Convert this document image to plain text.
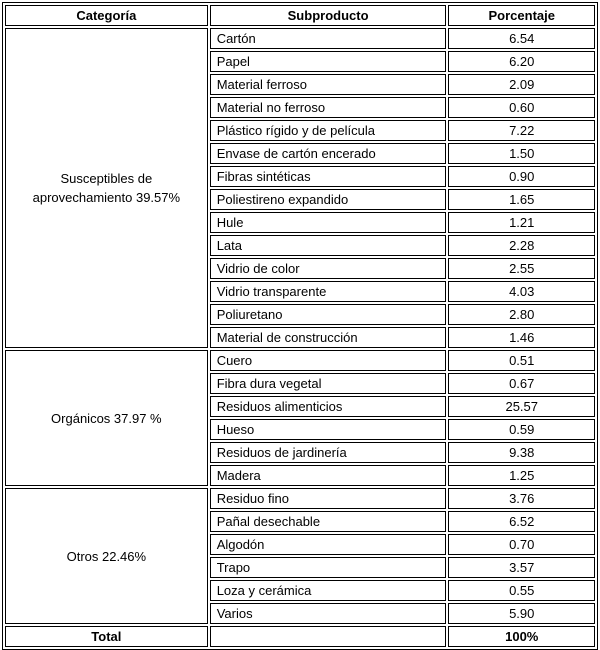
Categoría	Subproducto	Porcentaje
Susceptibles de aprovechamiento 39.57%	Cartón	6.54
	Papel	6.20
	Material ferroso	2.09
	Material no ferroso	0.60
	Plástico rígido y de película	7.22
	Envase de cartón encerado	1.50
	Fibras sintéticas	0.90
	Poliestireno expandido	1.65
	Hule	1.21
	Lata	2.28
	Vidrio de color	2.55
	Vidrio transparente	4.03
	Poliuretano	2.80
	Material de construcción	1.46
Orgánicos 37.97 %	Cuero	0.51
	Fibra dura vegetal	0.67
	Residuos alimenticios	25.57
	Hueso	0.59
	Residuos de jardinería	9.38
	Madera	1.25
Otros 22.46%	Residuo fino	3.76
	Pañal desechable	6.52
	Algodón	0.70
	Trapo	3.57
	Loza y cerámica	0.55
	Varios	5.90
Total		100%
